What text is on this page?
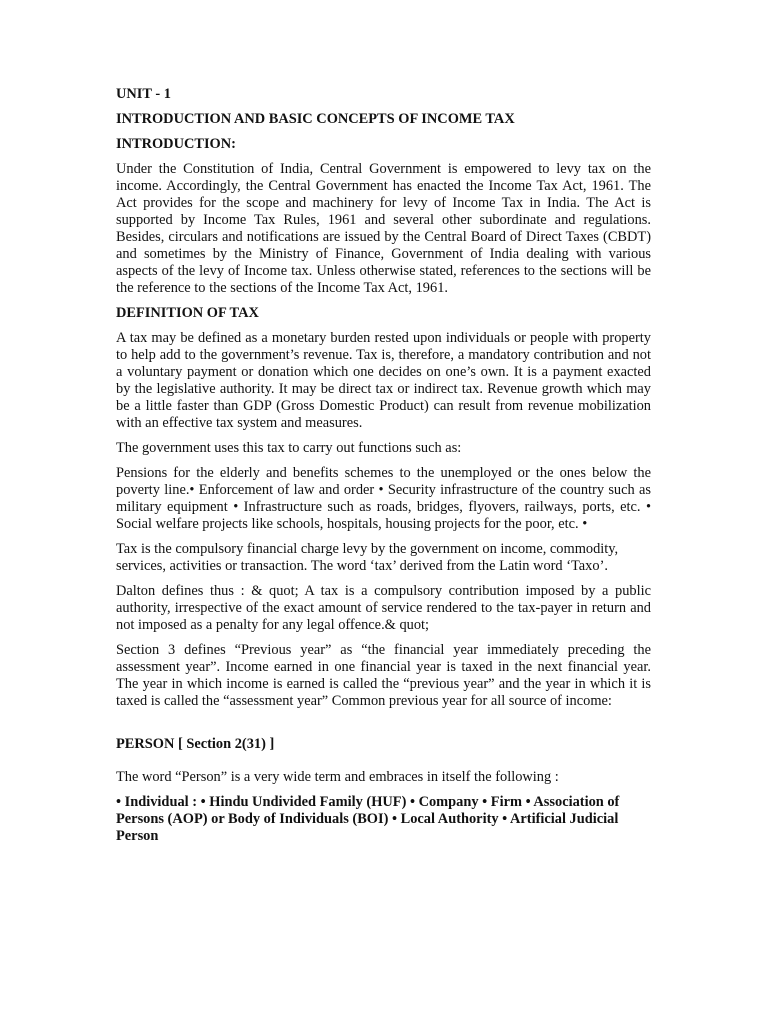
UNIT - 1
INTRODUCTION AND BASIC CONCEPTS OF INCOME TAX
INTRODUCTION:
Under the Constitution of India, Central Government is empowered to levy tax on the income. Accordingly, the Central Government has enacted the Income Tax Act, 1961. The Act provides for the scope and machinery for levy of Income Tax in India. The Act is supported by Income Tax Rules, 1961 and several other subordinate and regulations. Besides, circulars and notifications are issued by the Central Board of Direct Taxes (CBDT) and sometimes by the Ministry of Finance, Government of India dealing with various aspects of the levy of Income tax. Unless otherwise stated, references to the sections will be the reference to the sections of the Income Tax Act, 1961.
DEFINITION OF TAX
A tax may be defined as a monetary burden rested upon individuals or people with property to help add to the government’s revenue. Tax is, therefore, a mandatory contribution and not a voluntary payment or donation which one decides on one’s own. It is a payment exacted by the legislative authority. It may be direct tax or indirect tax. Revenue growth which may be a little faster than GDP (Gross Domestic Product) can result from revenue mobilization with an effective tax system and measures.
The government uses this tax to carry out functions such as:
Pensions for the elderly and benefits schemes to the unemployed or the ones below the poverty line.• Enforcement of law and order • Security infrastructure of the country such as military equipment • Infrastructure such as roads, bridges, flyovers, railways, ports, etc. • Social welfare projects like schools, hospitals, housing projects for the poor, etc. •
Tax is the compulsory financial charge levy by the government on income, commodity, services, activities or transaction. The word ‘tax’ derived from the Latin word ‘Taxo’.
Dalton defines thus : & quot; A tax is a compulsory contribution imposed by a public authority, irrespective of the exact amount of service rendered to the tax-payer in return and not imposed as a penalty for any legal offence.& quot;
Section 3 defines “Previous year” as “the financial year immediately preceding the assessment year”. Income earned in one financial year is taxed in the next financial year. The year in which income is earned is called the “previous year” and the year in which it is taxed is called the “assessment year” Common previous year for all source of income:
PERSON [ Section 2(31) ]
The word “Person” is a very wide term and embraces in itself the following :
• Individual : • Hindu Undivided Family (HUF) • Company • Firm • Association of Persons (AOP) or Body of Individuals (BOI) • Local Authority • Artificial Judicial Person
